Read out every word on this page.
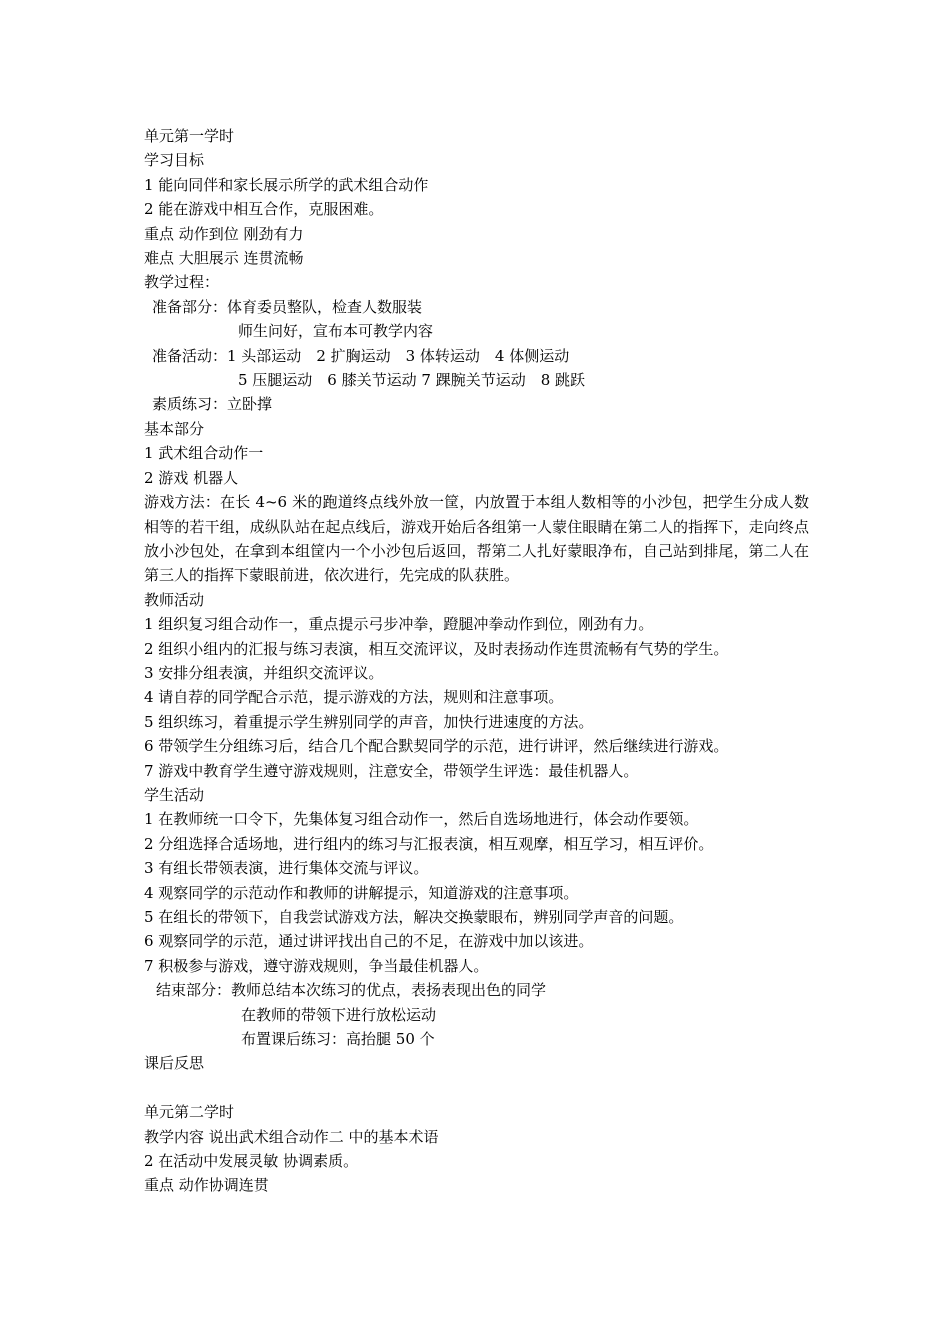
单元第一学时

学习目标

1 能向同伴和家长展示所学的武术组合动作

2 能在游戏中相互合作，克服困难。

重点 动作到位 刚劲有力

难点 大胆展示 连贯流畅

教学过程：

准备部分：体育委员整队，检查人数服装

师生问好，宣布本可教学内容

准备活动：1 头部运动　2 扩胸运动　3 体转运动　4 体侧运动

5 压腿运动　6 膝关节运动 7 踝腕关节运动　8 跳跃

素质练习：立卧撑

基本部分

1 武术组合动作一

2 游戏 机器人

游戏方法：在长 4~6 米的跑道终点线外放一筐，内放置于本组人数相等的小沙包，把学生分成人数相等的若干组，成纵队站在起点线后，游戏开始后各组第一人蒙住眼睛在第二人的指挥下，走向终点放小沙包处，在拿到本组筐内一个小沙包后返回，帮第二人扎好蒙眼净布，自己站到排尾，第二人在第三人的指挥下蒙眼前进，依次进行，先完成的队获胜。

教师活动

1 组织复习组合动作一，重点提示弓步冲拳，蹬腿冲拳动作到位，刚劲有力。

2 组织小组内的汇报与练习表演，相互交流评议，及时表扬动作连贯流畅有气势的学生。

3 安排分组表演，并组织交流评议。

4 请自荐的同学配合示范，提示游戏的方法，规则和注意事项。

5 组织练习，着重提示学生辨别同学的声音，加快行进速度的方法。

6 带领学生分组练习后，结合几个配合默契同学的示范，进行讲评，然后继续进行游戏。

7 游戏中教育学生遵守游戏规则，注意安全，带领学生评选：最佳机器人。

学生活动

1 在教师统一口令下，先集体复习组合动作一，然后自选场地进行，体会动作要领。

2 分组选择合适场地，进行组内的练习与汇报表演，相互观摩，相互学习，相互评价。

3 有组长带领表演，进行集体交流与评议。

4 观察同学的示范动作和教师的讲解提示，知道游戏的注意事项。

5 在组长的带领下，自我尝试游戏方法，解决交换蒙眼布，辨别同学声音的问题。

6 观察同学的示范，通过讲评找出自己的不足，在游戏中加以该进。

7 积极参与游戏，遵守游戏规则，争当最佳机器人。

结束部分：教师总结本次练习的优点，表扬表现出色的同学

在教师的带领下进行放松运动

布置课后练习：高抬腿 50 个

课后反思

单元第二学时

教学内容 说出武术组合动作二 中的基本术语

2 在活动中发展灵敏 协调素质。

重点 动作协调连贯
